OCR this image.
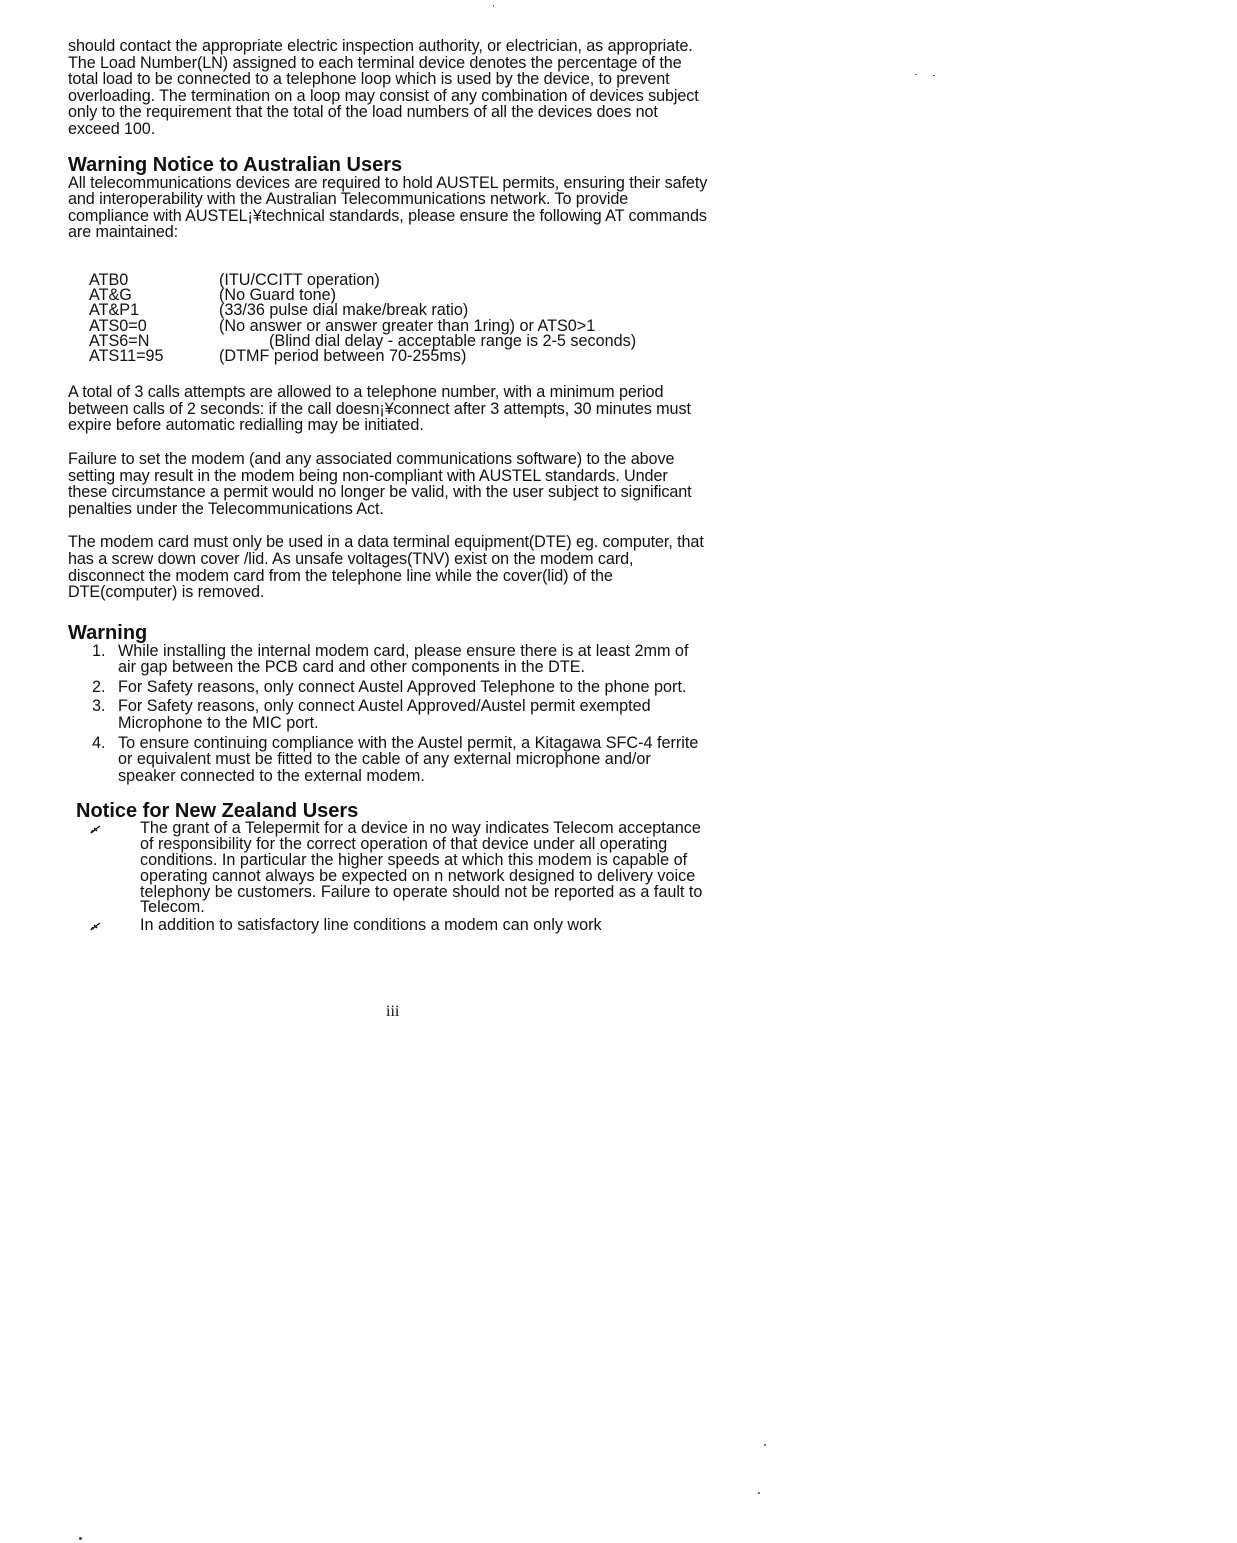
should contact the appropriate electric inspection authority, or electrician, as appropriate.

The Load Number(LN) assigned to each terminal device denotes the percentage of the total load to be connected to a telephone loop which is used by the device, to prevent overloading. The termination on a loop may consist of any combination of devices subject only to the requirement that the total of the load numbers of all the devices does not exceed 100.

Warning Notice to Australian Users

All telecommunications devices are required to hold AUSTEL permits, ensuring their safety and interoperability with the Australian Telecommunications network. To provide compliance with AUSTEL¡¥technical standards, please ensure the following AT commands are maintained:

ATB0	(ITU/CCITT operation)
AT&G	(No Guard tone)
AT&P1	(33/36 pulse dial make/break ratio)
ATS0=0	(No answer or answer greater than 1ring) or ATS0>1
ATS6=N	(Blind dial delay - acceptable range is 2-5 seconds)
ATS11=95	(DTMF period between 70-255ms)

A total of 3 calls attempts are allowed to a telephone number, with a minimum period between calls of 2 seconds: if the call doesn¡¥connect after 3 attempts, 30 minutes must expire before automatic redialling may be initiated.

Failure to set the modem (and any associated communications software) to the above setting may result in the modem being non-compliant with AUSTEL standards. Under these circumstance a permit would no longer be valid, with the user subject to significant penalties under the Telecommunications Act.

The modem card must only be used in a data terminal equipment(DTE) eg. computer, that has a screw down cover /lid. As unsafe voltages(TNV) exist on the modem card, disconnect the modem card from the telephone line while the cover(lid) of the DTE(computer) is removed.

Warning
1. While installing the internal modem card, please ensure there is at least 2mm of air gap between the PCB card and other components in the DTE.
2. For Safety reasons, only connect Austel Approved Telephone to the phone port.
3. For Safety reasons, only connect Austel Approved/Austel permit exempted Microphone to the MIC port.
4. To ensure continuing compliance with the Austel permit, a Kitagawa SFC-4 ferrite or equivalent must be fitted to the cable of any external microphone and/or speaker connected to the external modem.
Notice for New Zealand Users
The grant of a Telepermit for a device in no way indicates Telecom acceptance of responsibility for the correct operation of that device under all operating conditions. In particular the higher speeds at which this modem is capable of operating cannot always be expected on n network designed to delivery voice telephony be customers. Failure to operate should not be reported as a fault to Telecom.
In addition to satisfactory line conditions a modem can only work
iii
